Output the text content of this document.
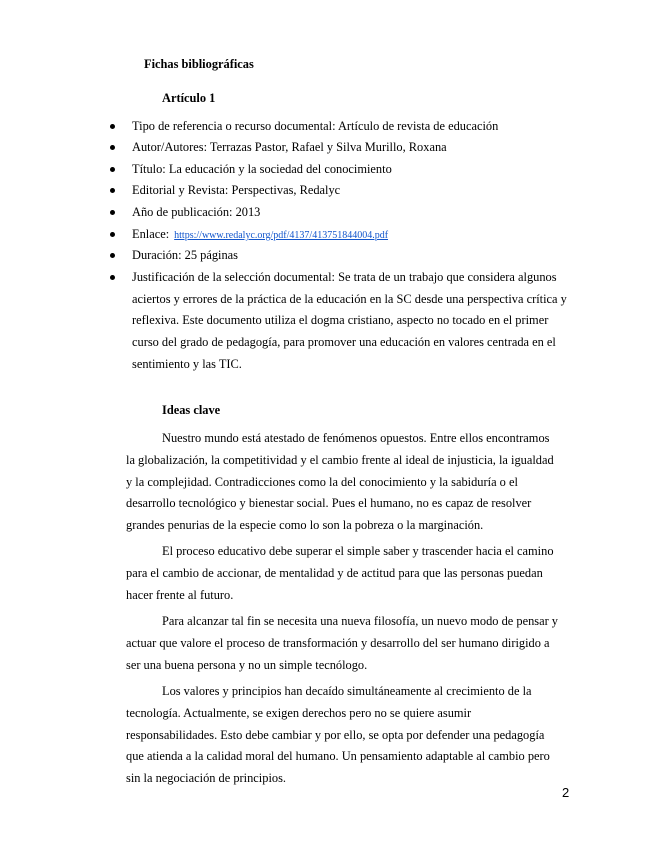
Fichas bibliográficas
Artículo 1
Tipo de referencia o recurso documental: Artículo de revista de educación
Autor/Autores: Terrazas Pastor, Rafael y Silva Murillo, Roxana
Título: La educación y la sociedad del conocimiento
Editorial y Revista: Perspectivas, Redalyc
Año de publicación: 2013
Enlace: https://www.redalyc.org/pdf/4137/413751844004.pdf
Duración: 25 páginas
Justificación de la selección documental: Se trata de un trabajo que considera algunos aciertos y errores de la práctica de la educación en la SC desde una perspectiva crítica y reflexiva. Este documento utiliza el dogma cristiano, aspecto no tocado en el primer curso del grado de pedagogía, para promover una educación en valores centrada en el sentimiento y las TIC.
Ideas clave

Nuestro mundo está atestado de fenómenos opuestos. Entre ellos encontramos la globalización, la competitividad y el cambio frente al ideal de injusticia, la igualdad y la complejidad. Contradicciones como la del conocimiento y la sabiduría o el desarrollo tecnológico y bienestar social. Pues el humano, no es capaz de resolver grandes penurias de la especie como lo son la pobreza o la marginación.

El proceso educativo debe superar el simple saber y trascender hacia el camino para el cambio de accionar, de mentalidad y de actitud para que las personas puedan hacer frente al futuro.

Para alcanzar tal fin se necesita una nueva filosofía, un nuevo modo de pensar y actuar que valore el proceso de transformación y desarrollo del ser humano dirigido a ser una buena persona y no un simple tecnólogo.

Los valores y principios han decaído simultáneamente al crecimiento de la tecnología. Actualmente, se exigen derechos pero no se quiere asumir responsabilidades. Esto debe cambiar y por ello, se opta por defender una pedagogía que atienda a la calidad moral del humano. Un pensamiento adaptable al cambio pero sin la negociación de principios.

2
